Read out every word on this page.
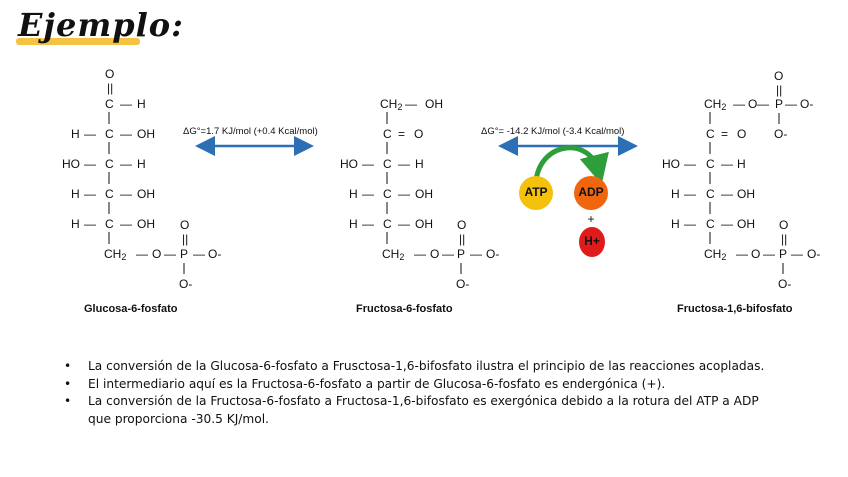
Ejemplo:
O
||
C — H
H — C — OH
HO — C — H
H — C — OH
H — C — OH
CH2 — O — P — O-
O
||
O-
Glucosa-6-fosfato
ΔG°=1.7 KJ/mol (+0.4 Kcal/mol)
CH2 — OH
C = O
HO — C — H
H — C — OH
H — C — OH
CH2 — O — P — O-
O
||
O-
Fructosa-6-fosfato
ΔG°= -14.2 KJ/mol (-3.4 Kcal/mol)
ATP	ADP
+
H+
CH2 — O — P — O-
O
||
O-
C = O
HO — C — H
H — C — OH
H — C — OH
CH2 — O — P — O-
O
||
O-
Fructosa-1,6-bifosfato
• La conversión de la Glucosa-6-fosfato a Frusctosa-1,6-bifosfato ilustra el principio de las reacciones acopladas.
• El intermediario aquí es la Fructosa-6-fosfato a partir de Glucosa-6-fosfato es endergónica (+).
• La conversión de la Fructosa-6-fosfato a Fructosa-1,6-bifosfato es exergónica debido a la rotura del ATP a ADP que proporciona -30.5 KJ/mol.
